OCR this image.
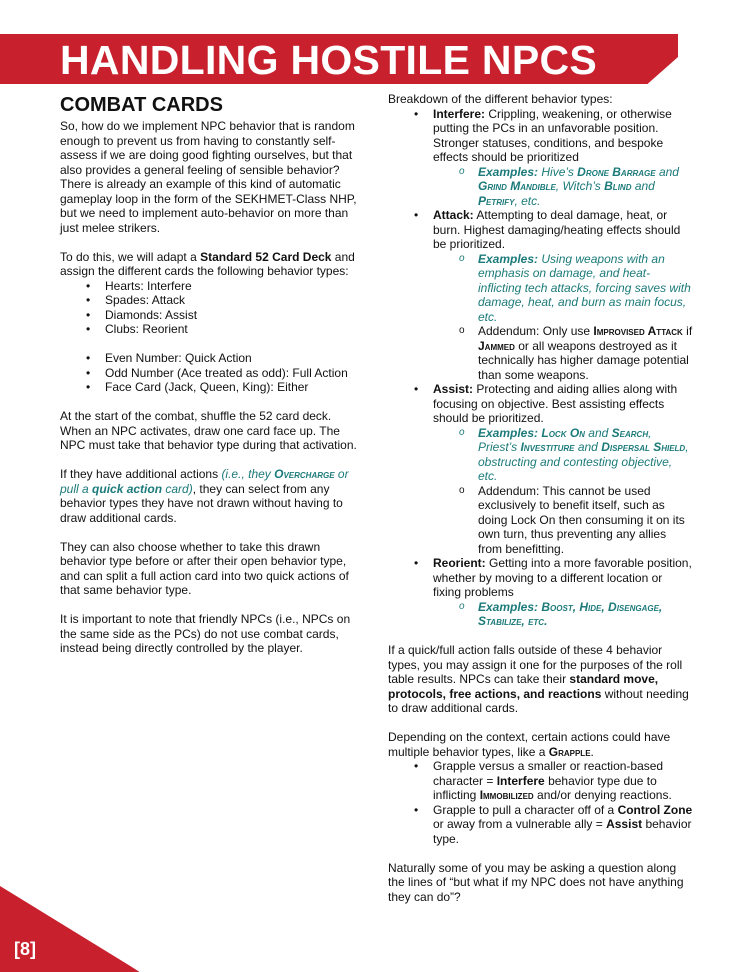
HANDLING HOSTILE NPCS
COMBAT CARDS

So, how do we implement NPC behavior that is random enough to prevent us from having to constantly self-assess if we are doing good fighting ourselves, but that also provides a general feeling of sensible behavior? There is already an example of this kind of automatic gameplay loop in the form of the SEKHMET-Class NHP, but we need to implement auto-behavior on more than just melee strikers.

To do this, we will adapt a Standard 52 Card Deck and assign the different cards the following behavior types:

• Hearts: Interfere
• Spades: Attack
• Diamonds: Assist
• Clubs: Reorient
• Even Number: Quick Action
• Odd Number (Ace treated as odd): Full Action
• Face Card (Jack, Queen, King): Either

At the start of the combat, shuffle the 52 card deck. When an NPC activates, draw one card face up. The NPC must take that behavior type during that activation.

If they have additional actions (i.e., they Overcharge or pull a quick action card), they can select from any behavior types they have not drawn without having to draw additional cards.

They can also choose whether to take this drawn behavior type before or after their open behavior type, and can split a full action card into two quick actions of that same behavior type.

It is important to note that friendly NPCs (i.e., NPCs on the same side as the PCs) do not use combat cards, instead being directly controlled by the player.

Breakdown of the different behavior types:
• Interfere: Crippling, weakening, or otherwise putting the PCs in an unfavorable position. Stronger statuses, conditions, and bespoke effects should be prioritized
o Examples: Hive’s Drone Barrage and Grind Mandible, Witch’s Blind and Petrify, etc.
• Attack: Attempting to deal damage, heat, or burn. Highest damaging/heating effects should be prioritized.
o Examples: Using weapons with an emphasis on damage, and heat-inflicting tech attacks, forcing saves with damage, heat, and burn as main focus, etc.
o Addendum: Only use Improvised Attack if Jammed or all weapons destroyed as it technically has higher damage potential than some weapons.
• Assist: Protecting and aiding allies along with focusing on objective. Best assisting effects should be prioritized.
o Examples: Lock On and Search, Priest’s Investiture and Dispersal Shield, obstructing and contesting objective, etc.
o Addendum: This cannot be used exclusively to benefit itself, such as doing Lock On then consuming it on its own turn, thus preventing any allies from benefitting.
• Reorient: Getting into a more favorable position, whether by moving to a different location or fixing problems
o Examples: Boost, Hide, Disengage, Stabilize, etc.

If a quick/full action falls outside of these 4 behavior types, you may assign it one for the purposes of the roll table results. NPCs can take their standard move, protocols, free actions, and reactions without needing to draw additional cards.

Depending on the context, certain actions could have multiple behavior types, like a Grapple.

• Grapple versus a smaller or reaction-based character = Interfere behavior type due to inflicting Immobilized and/or denying reactions.
• Grapple to pull a character off of a Control Zone or away from a vulnerable ally = Assist behavior type.

Naturally some of you may be asking a question along the lines of “but what if my NPC does not have anything they can do”?

[8]
